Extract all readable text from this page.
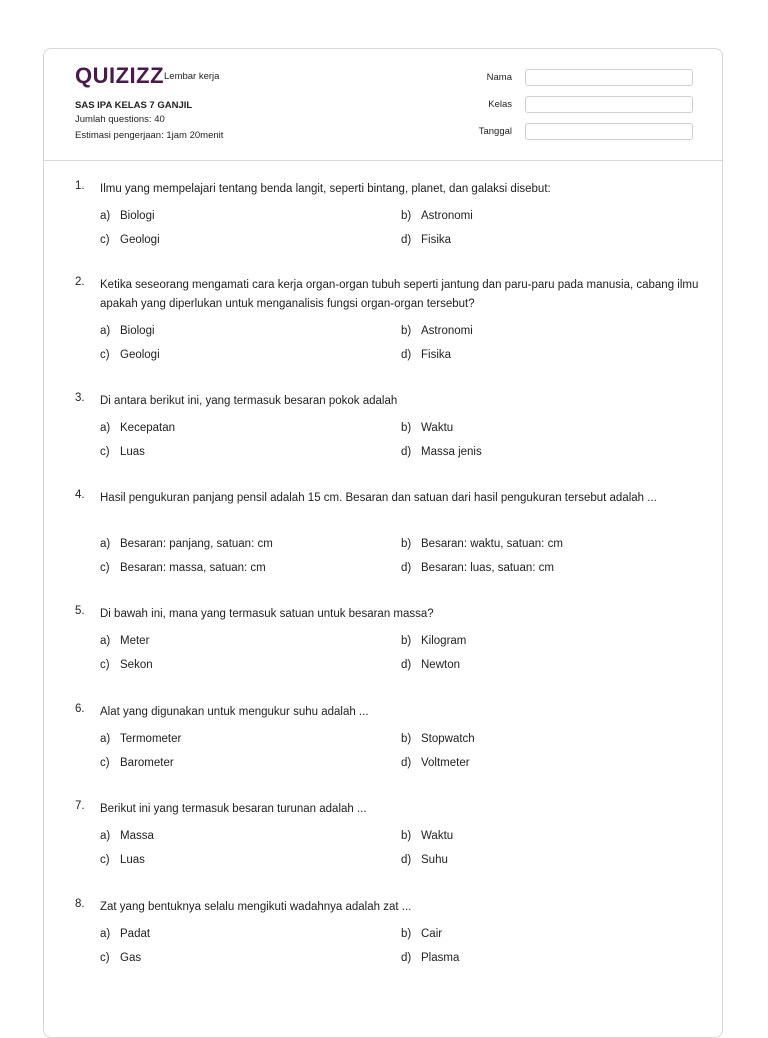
QUIZIZZ Lembar kerja
SAS IPA KELAS 7 GANJIL
Jumlah questions: 40
Estimasi pengerjaan: 1jam 20menit
Nama
Kelas
Tanggal
1. Ilmu yang mempelajari tentang benda langit, seperti bintang, planet, dan galaksi disebut:
a) Biologi	b) Astronomi
c) Geologi	d) Fisika
2. Ketika seseorang mengamati cara kerja organ-organ tubuh seperti jantung dan paru-paru pada manusia, cabang ilmu apakah yang diperlukan untuk menganalisis fungsi organ-organ tersebut?
a) Biologi	b) Astronomi
c) Geologi	d) Fisika
3. Di antara berikut ini, yang termasuk besaran pokok adalah
a) Kecepatan	b) Waktu
c) Luas	d) Massa jenis
4. Hasil pengukuran panjang pensil adalah 15 cm. Besaran dan satuan dari hasil pengukuran tersebut adalah ...
a) Besaran: panjang, satuan: cm	b) Besaran: waktu, satuan: cm
c) Besaran: massa, satuan: cm	d) Besaran: luas, satuan: cm
5. Di bawah ini, mana yang termasuk satuan untuk besaran massa?
a) Meter	b) Kilogram
c) Sekon	d) Newton
6. Alat yang digunakan untuk mengukur suhu adalah ...
a) Termometer	b) Stopwatch
c) Barometer	d) Voltmeter
7. Berikut ini yang termasuk besaran turunan adalah ...
a) Massa	b) Waktu
c) Luas	d) Suhu
8. Zat yang bentuknya selalu mengikuti wadahnya adalah zat ...
a) Padat	b) Cair
c) Gas	d) Plasma
